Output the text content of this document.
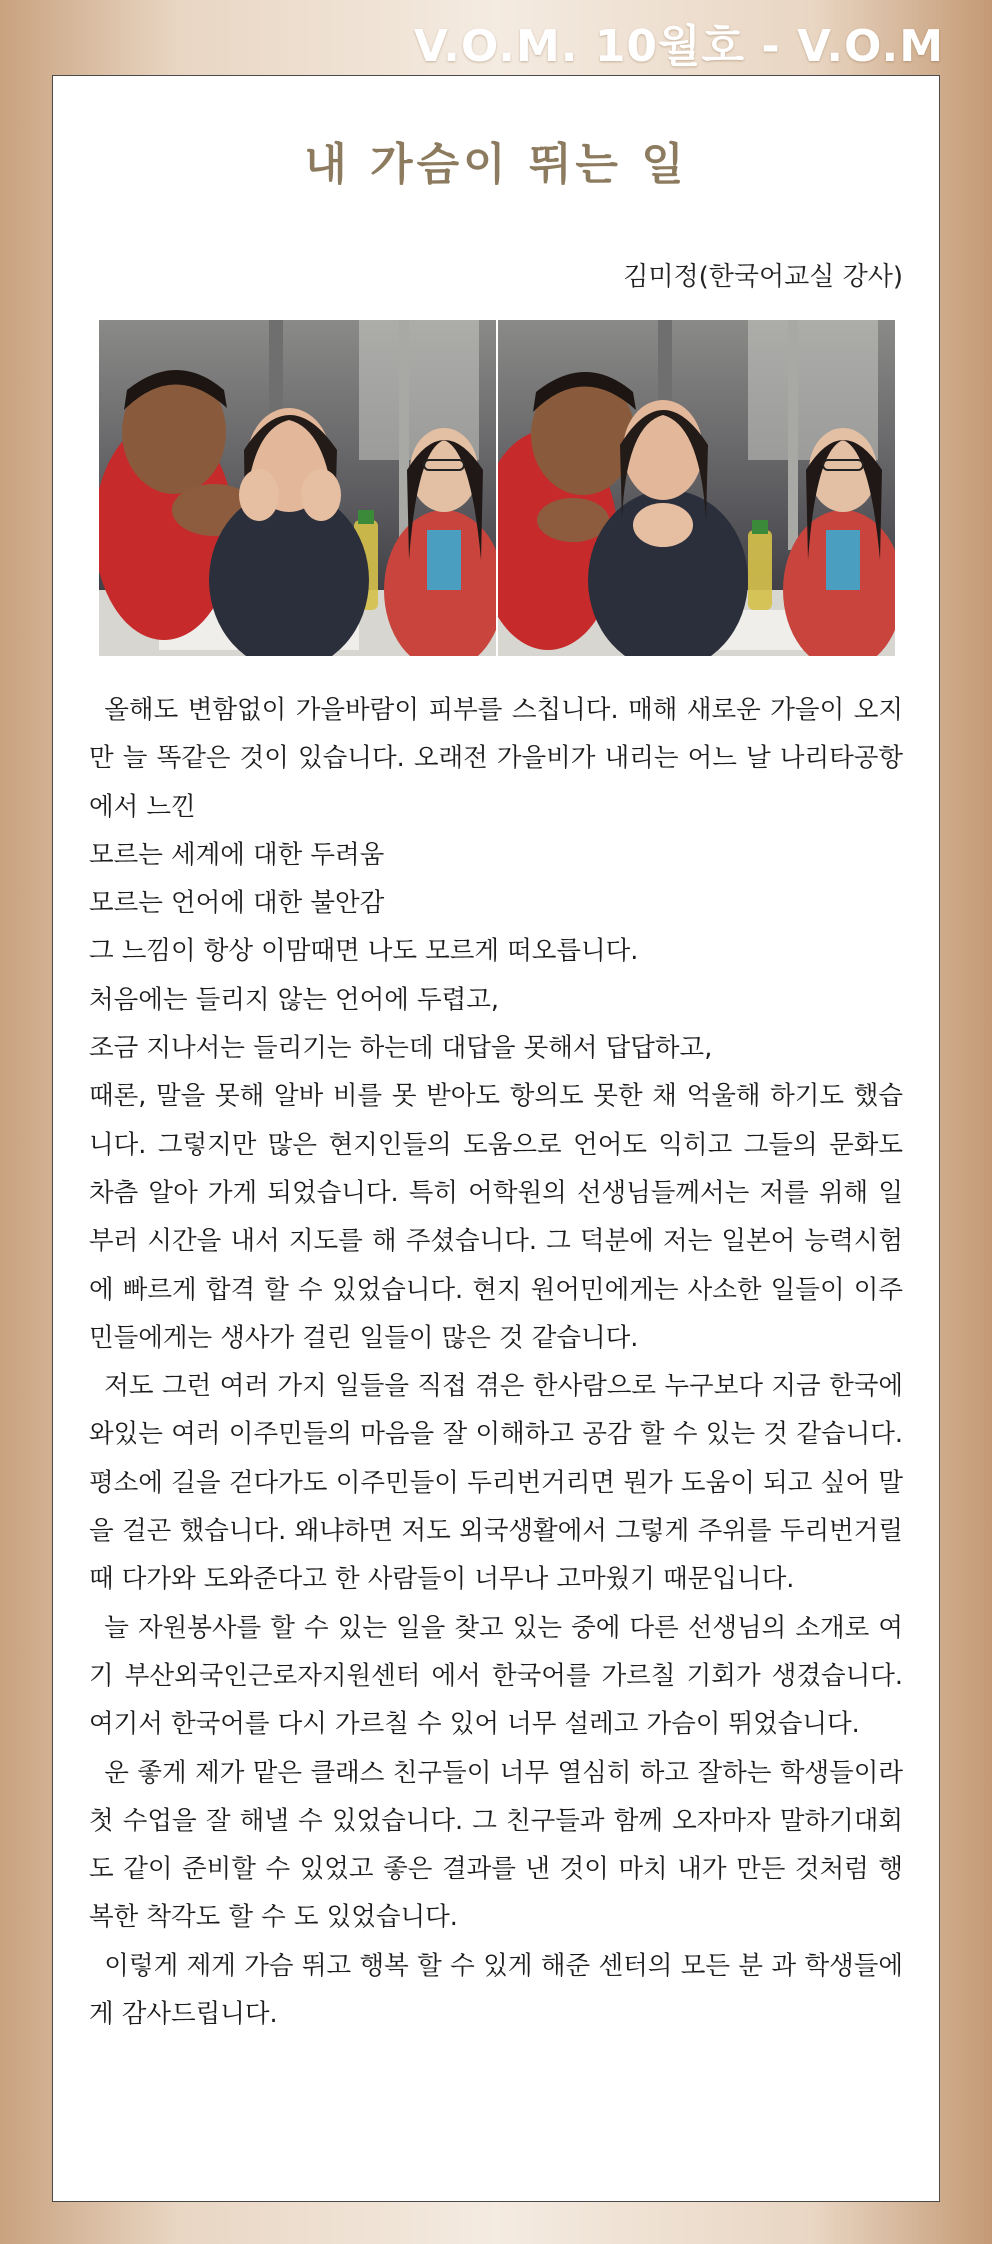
V.O.M. 10월호 - V.O.M
내 가슴이 뛰는 일
김미정(한국어교실 강사)

올해도 변함없이 가을바람이 피부를 스칩니다. 매해 새로운 가을이 오지만 늘 똑같은 것이 있습니다. 오래전 가을비가 내리는 어느 날 나리타공항 에서 느낀

모르는 세계에 대한 두려움

모르는 언어에 대한 불안감

그 느낌이 항상 이맘때면 나도 모르게 떠오릅니다.

처음에는 들리지 않는 언어에 두렵고,

조금 지나서는 들리기는 하는데 대답을 못해서 답답하고,

때론, 말을 못해 알바 비를 못 받아도 항의도 못한 채 억울해 하기도 했습니다. 그렇지만 많은 현지인들의 도움으로 언어도 익히고 그들의 문화도 차츰 알아 가게 되었습니다. 특히 어학원의 선생님들께서는 저를 위해 일부러 시간을 내서 지도를 해 주셨습니다. 그 덕분에 저는 일본어 능력시험에 빠르게 합격 할 수 있었습니다. 현지 원어민에게는 사소한 일들이 이주민들에게는 생사가 걸린 일들이 많은 것 같습니다.

저도 그런 여러 가지 일들을 직접 겪은 한사람으로 누구보다 지금 한국에 와있는 여러 이주민들의 마음을 잘 이해하고 공감 할 수 있는 것 같습니다. 평소에 길을 걷다가도 이주민들이 두리번거리면 뭔가 도움이 되고 싶어 말을 걸곤 했습니다. 왜냐하면 저도 외국생활에서 그렇게 주위를 두리번거릴 때 다가와 도와준다고 한 사람들이 너무나 고마웠기 때문입니다.

늘 자원봉사를 할 수 있는 일을 찾고 있는 중에 다른 선생님의 소개로 여기 부산외국인근로자지원센터 에서 한국어를 가르칠 기회가 생겼습니다. 여기서 한국어를 다시 가르칠 수 있어 너무 설레고 가슴이 뛰었습니다.

운 좋게 제가 맡은 클래스 친구들이 너무 열심히 하고 잘하는 학생들이라 첫 수업을 잘 해낼 수 있었습니다. 그 친구들과 함께 오자마자 말하기대회도 같이 준비할 수 있었고 좋은 결과를 낸 것이 마치 내가 만든 것처럼 행복한 착각도 할 수 도 있었습니다.

이렇게 제게 가슴 뛰고 행복 할 수 있게 해준 센터의 모든 분 과 학생들에게 감사드립니다.
